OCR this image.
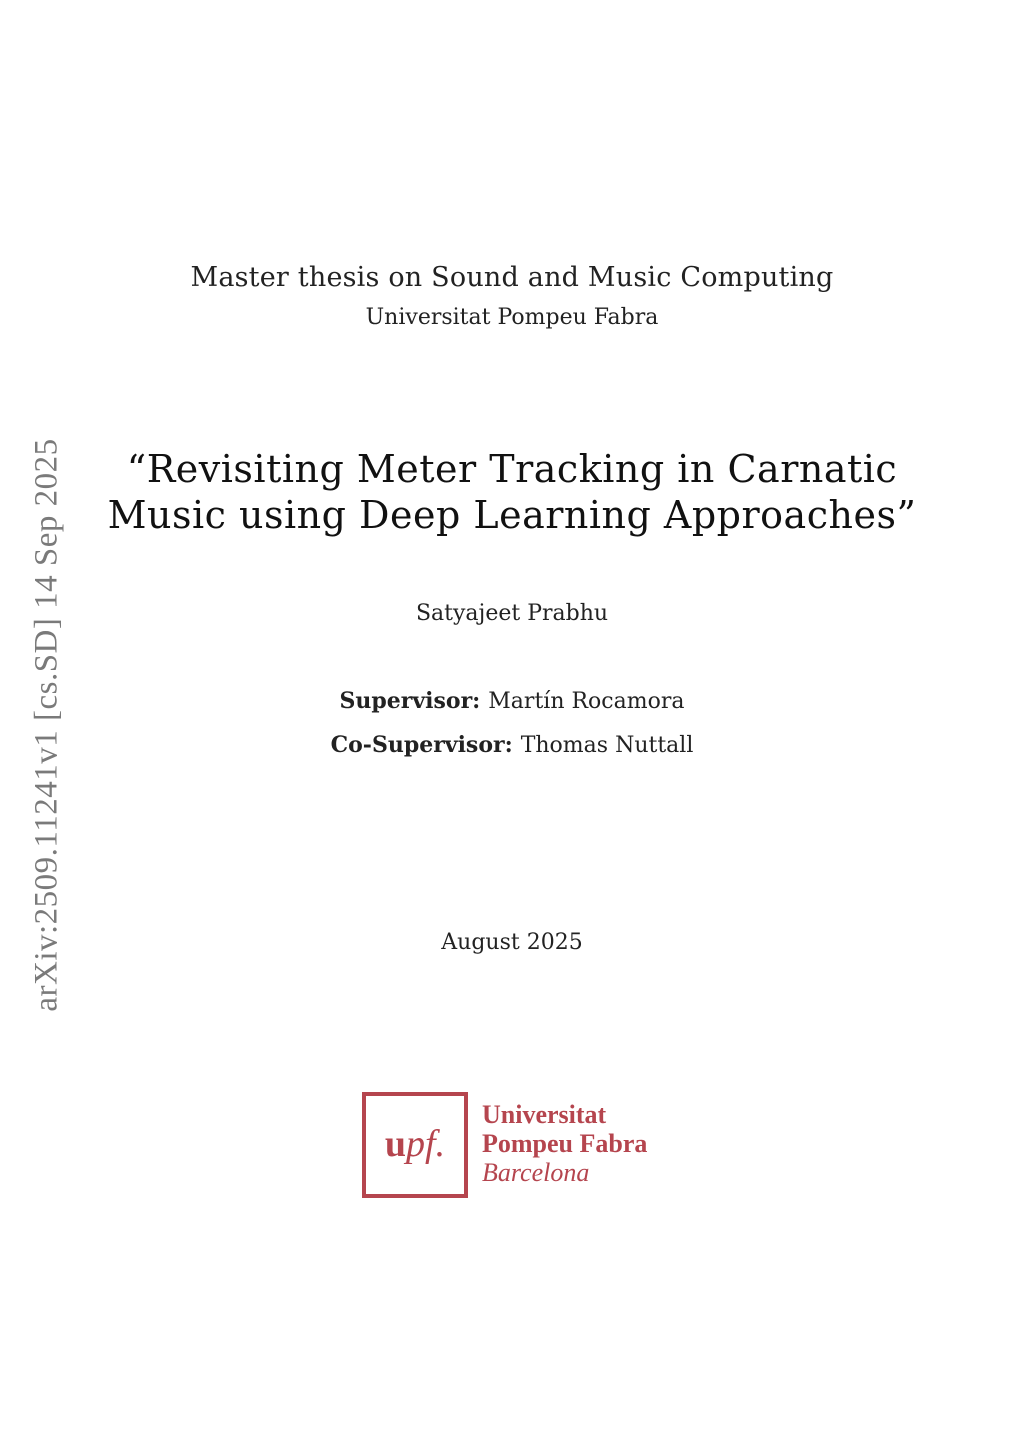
arXiv:2509.11241v1 [cs.SD] 14 Sep 2025
Master thesis on Sound and Music Computing
Universitat Pompeu Fabra
“Revisiting Meter Tracking in Carnatic
Music using Deep Learning Approaches”
Satyajeet Prabhu
Supervisor: Martín Rocamora
Co-Supervisor: Thomas Nuttall
August 2025
upf.
Universitat
Pompeu Fabra
Barcelona
